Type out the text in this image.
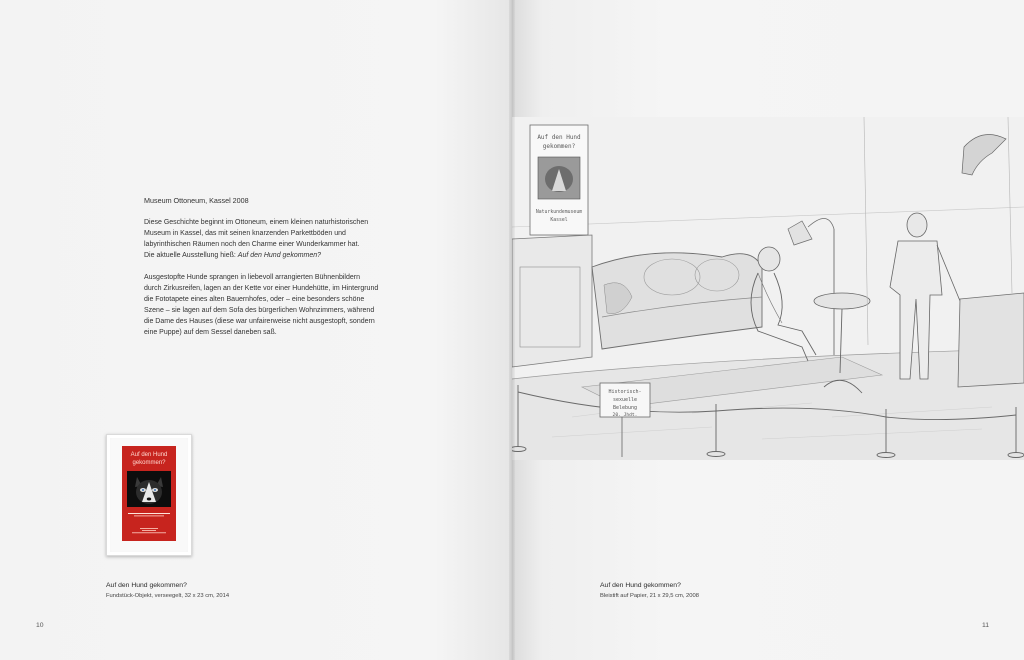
Museum Ottoneum, Kassel 2008

Diese Geschichte beginnt im Ottoneum, einem kleinen naturhistorischen
Museum in Kassel, das mit seinen knarzenden Parkettböden und
labyrinthischen Räumen noch den Charme einer Wunderkammer hat.
Die aktuelle Ausstellung hieß: Auf den Hund gekommen?

Ausgestopfte Hunde sprangen in liebevoll arrangierten Bühnenbildern
durch Zirkusreifen, lagen an der Kette vor einer Hundehütte, im Hintergrund
die Fototapete eines alten Bauernhofes, oder – eine besonders schöne
Szene – sie lagen auf dem Sofa des bürgerlichen Wohnzimmers, während
die Dame des Hauses (diese war unfairerweise nicht ausgestopft, sondern
eine Puppe) auf dem Sessel daneben saß.

Auf den Hund gekommen?
Auf den Hund gekommen?
Fundstück-Objekt, verseegelt, 32 x 23 cm, 2014
10
Auf den Hund
gekommen?
Naturkundemuseum
Kassel
Historisch-
sexuelle
Belebung
20. Jhdt.
Auf den Hund gekommen?
Bleistift auf Papier, 21 x 29,5 cm, 2008
11
